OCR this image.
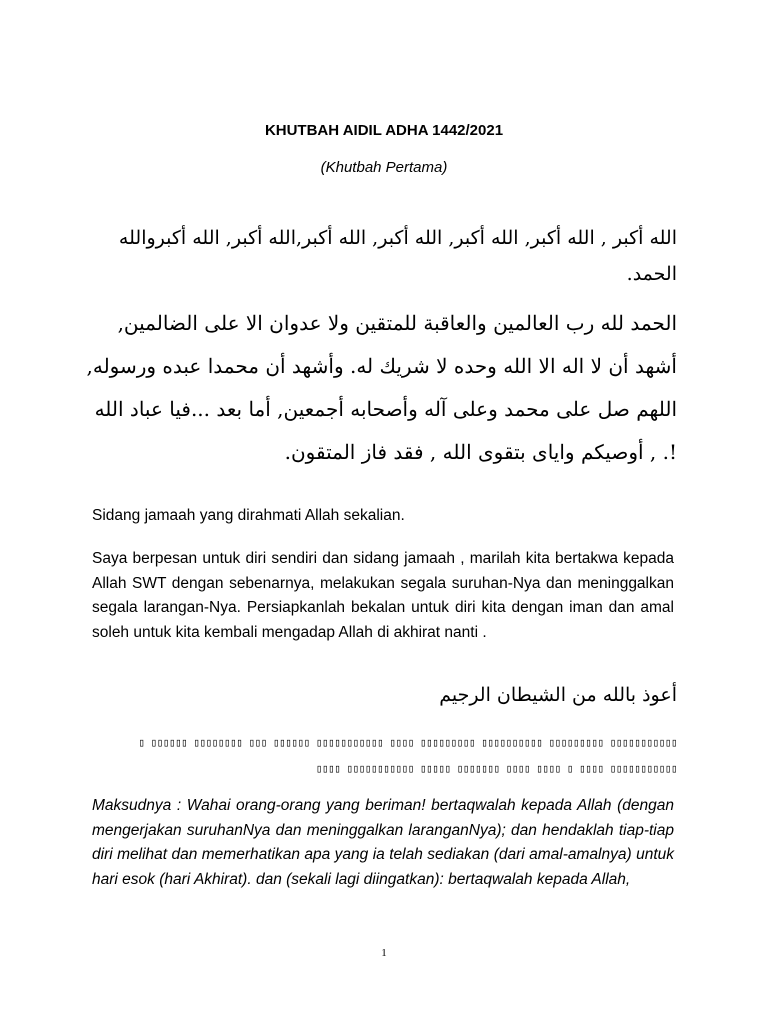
KHUTBAH AIDIL ADHA 1442/2021
(Khutbah Pertama)
الله أكبر , الله أكبر, الله أكبر, الله أكبر, الله أكبر,الله أكبر, الله أكبروالله
الحمد.
الحمد لله رب العالمين والعاقبة للمتقين ولا عدوان الا على الضالمين,
أشهد أن لا اله الا الله وحده لا شريك له. وأشهد أن محمدا عبده ورسوله,
اللهم صل على محمد وعلى آله وأصحابه أجمعين, أما بعد ...فيا عباد الله
!. , أوصيكم واياى بتقوى الله , فقد فاز المتقون.
Sidang jamaah yang dirahmati Allah sekalian.
Saya berpesan untuk diri sendiri dan sidang jamaah , marilah kita bertakwa kepada Allah SWT dengan sebenarnya, melakukan segala suruhan-Nya dan meninggalkan segala larangan-Nya. Persiapkanlah bekalan untuk diri kita dengan iman dan amal soleh untuk kita kembali mengadap Allah di akhirat nanti .
أعوذ بالله من الشيطان الرجيم
▯▯▯▯▯▯▯▯▯▯▯ ▯▯▯▯▯▯▯▯▯ ▯▯▯▯▯▯▯▯▯▯ ▯▯▯▯▯▯▯▯▯ ▯▯▯▯ ▯▯▯▯▯▯▯▯▯▯▯ ▯▯▯▯▯▯ ▯▯▯ ▯▯▯▯▯▯▯▯ ▯▯▯▯▯▯ ▯
▯▯▯▯▯▯▯▯▯▯▯ ▯▯▯▯ ▯ ▯▯▯▯ ▯▯▯▯ ▯▯▯▯▯▯▯ ▯▯▯▯▯ ▯▯▯▯▯▯▯▯▯▯▯ ▯▯▯▯
Maksudnya : Wahai orang-orang yang beriman! bertaqwalah kepada Allah (dengan mengerjakan suruhanNya dan meninggalkan laranganNya); dan hendaklah tiap-tiap diri melihat dan memerhatikan apa yang ia telah sediakan (dari amal-amalnya) untuk hari esok (hari Akhirat). dan (sekali lagi diingatkan): bertaqwalah kepada Allah,
1
